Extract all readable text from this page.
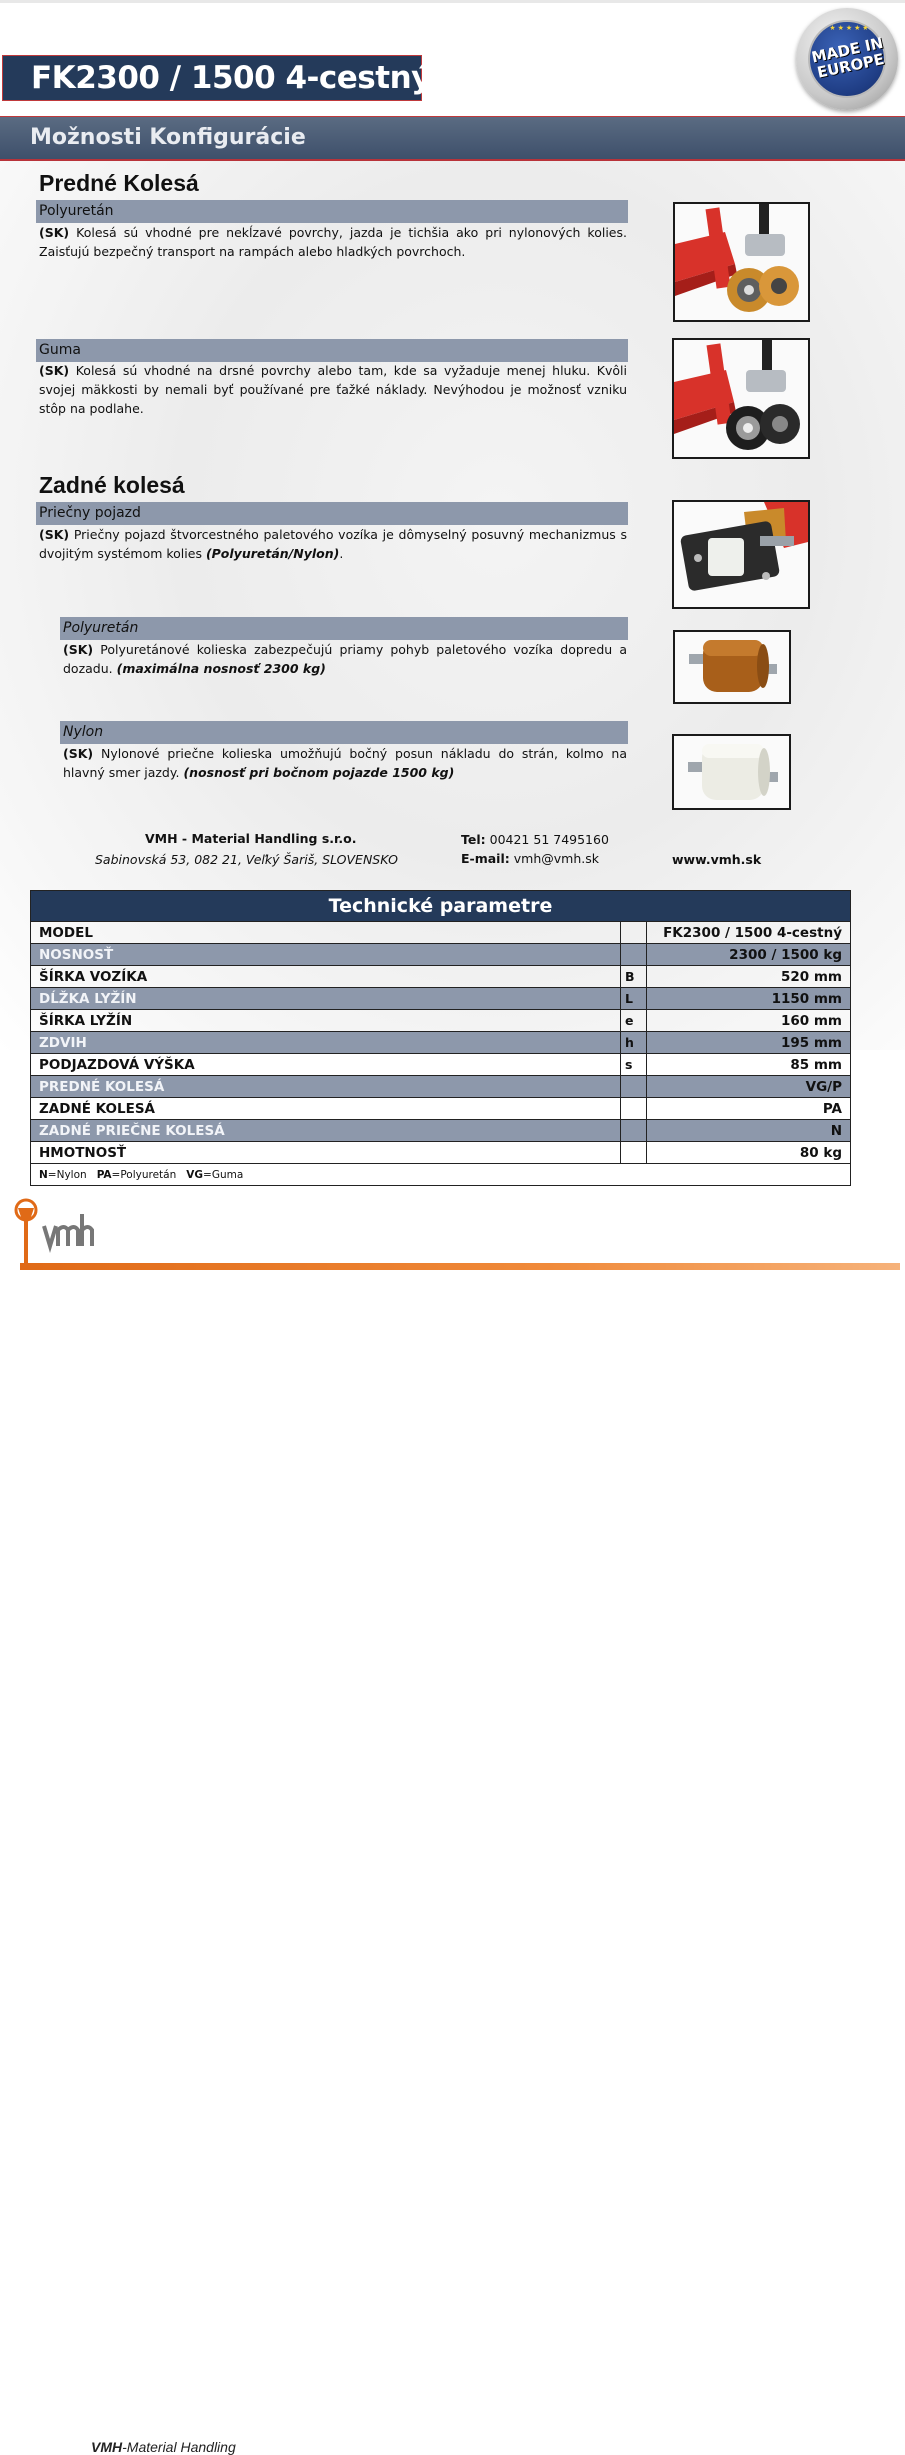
FK2300 / 1500 4-cestný
★ ★ ★ ★ ★
MADE IN EUROPE
Možnosti Konfigurácie
Predné Kolesá
Polyuretán
(SK) Kolesá sú vhodné pre nekĺzavé povrchy, jazda je tichšia ako pri nylonových kolies. Zaisťujú bezpečný transport na rampách alebo hladkých povrchoch.
Guma
(SK) Kolesá sú vhodné na drsné povrchy alebo tam, kde sa vyžaduje menej hluku. Kvôli svojej mäkkosti by nemali byť používané pre ťažké náklady. Nevýhodou je možnosť vzniku stôp na podlahe.
Zadné kolesá
Priečny pojazd
(SK) Priečny pojazd štvorcestného paletového vozíka je dômyselný posuvný mechanizmus s dvojitým systémom kolies (Polyuretán/Nylon).
Polyuretán
(SK) Polyuretánové kolieska zabezpečujú priamy pohyb paletového vozíka dopredu a dozadu. (maximálna nosnosť 2300 kg)
Nylon
(SK) Nylonové priečne kolieska umožňujú bočný posun nákladu do strán, kolmo na hlavný smer jazdy. (nosnosť pri bočnom pojazde 1500 kg)
VMH - Material Handling s.r.o.
Sabinovská 53, 082 21, Veľký Šariš, SLOVENSKO
Tel: 00421 51 7495160
E-mail: vmh@vmh.sk	www.vmh.sk
Technické parametre		
MODEL		FK2300 / 1500 4-cestný
NOSNOSŤ		2300 / 1500 kg
ŠÍRKA VOZÍKA	B	520 mm
DĹŽKA LYŽÍN	L	1150 mm
ŠÍRKA LYŽÍN	e	160 mm
ZDVIH	h	195 mm
PODJAZDOVÁ VÝŠKA	s	85 mm
PREDNÉ KOLESÁ		VG/P
ZADNÉ KOLESÁ		PA
ZADNÉ PRIEČNE KOLESÁ		N
HMOTNOSŤ		80 kg
N=Nylon PA=Polyuretán VG=Guma		
VMH-Material Handling
